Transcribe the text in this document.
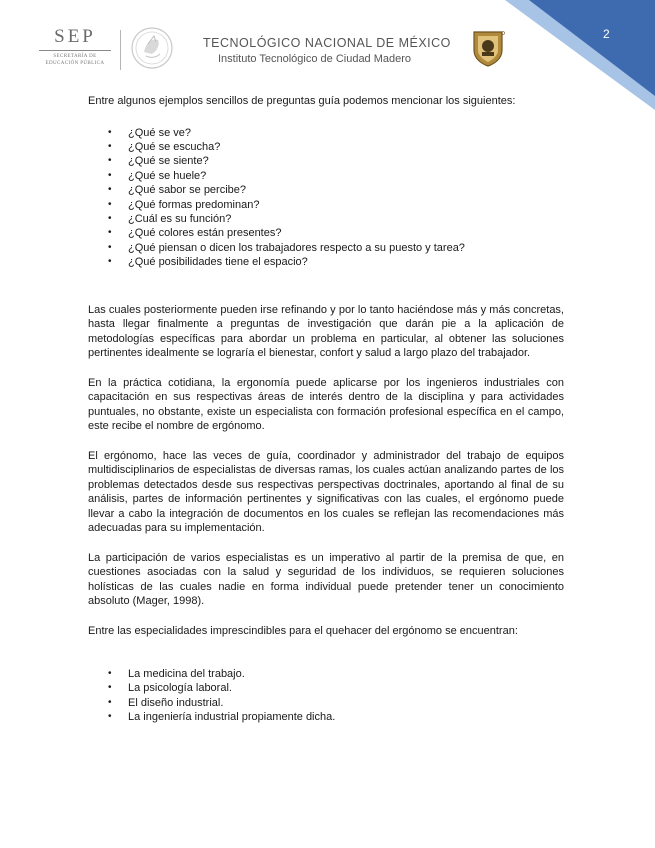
SEP
SECRETARÍA DE
EDUCACIÓN PÚBLICA
TECNOLÓGICO NACIONAL DE MÉXICO
Instituto Tecnológico de Ciudad Madero
2

Entre algunos ejemplos sencillos de preguntas guía podemos mencionar los siguientes:

• ¿Qué se ve?
• ¿Qué se escucha?
• ¿Qué se siente?
• ¿Qué se huele?
• ¿Qué sabor se percibe?
• ¿Qué formas predominan?
• ¿Cuál es su función?
• ¿Qué colores están presentes?
• ¿Qué piensan o dicen los trabajadores respecto a su puesto y tarea?
• ¿Qué posibilidades tiene el espacio?

Las cuales posteriormente pueden irse refinando y por lo tanto haciéndose más y más concretas, hasta llegar finalmente a preguntas de investigación que darán pie a la aplicación de metodologías específicas para abordar un problema en particular, al obtener las soluciones pertinentes idealmente se lograría el bienestar, confort y salud a largo plazo del trabajador.

En la práctica cotidiana, la ergonomía puede aplicarse por los ingenieros industriales con capacitación en sus respectivas áreas de interés dentro de la disciplina y para actividades puntuales, no obstante, existe un especialista con formación profesional específica en el campo, este recibe el nombre de ergónomo.

El ergónomo, hace las veces de guía, coordinador y administrador del trabajo de equipos multidisciplinarios de especialistas de diversas ramas, los cuales actúan analizando partes de los problemas detectados desde sus respectivas perspectivas doctrinales, aportando al final de su análisis, partes de información pertinentes y significativas con las cuales, el ergónomo puede llevar a cabo la integración de documentos en los cuales se reflejan las recomendaciones más adecuadas para su implementación.

La participación de varios especialistas es un imperativo al partir de la premisa de que, en cuestiones asociadas con la salud y seguridad de los individuos, se requieren soluciones holísticas de las cuales nadie en forma individual puede pretender tener un conocimiento absoluto (Mager, 1998).

Entre las especialidades imprescindibles para el quehacer del ergónomo se encuentran:

• La medicina del trabajo.
• La psicología laboral.
• El diseño industrial.
• La ingeniería industrial propiamente dicha.
